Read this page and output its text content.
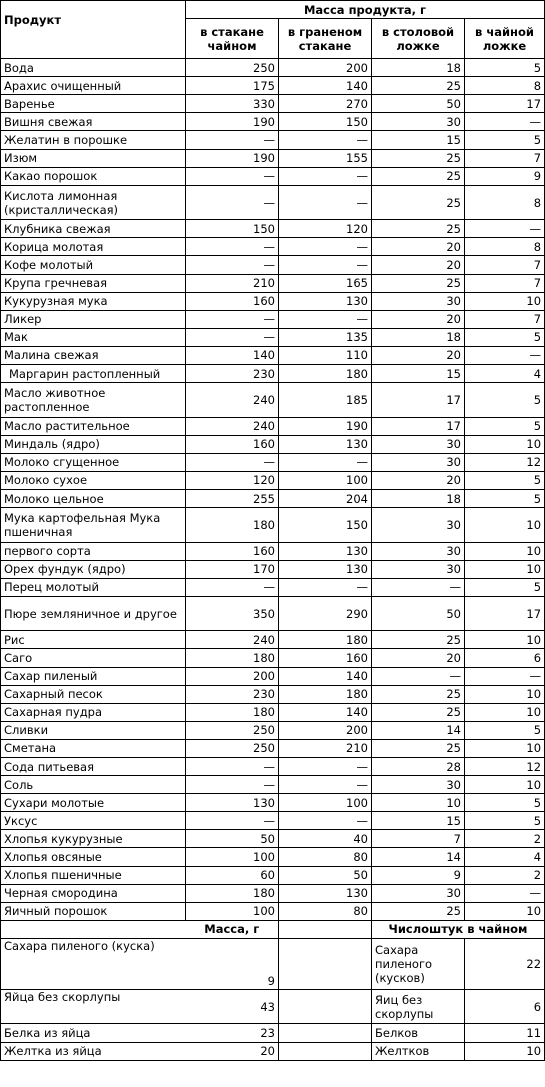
Продукт	Масса продукта, г			
	в стакане чайном	в граненом стакане	в столовой ложке	в чайной ложке
Вода	250	200	18	5
Арахис очищенный	175	140	25	8
Варенье	330	270	50	17
Вишня свежая	190	150	30	—
Желатин в порошке	—	—	15	5
Изюм	190	155	25	7
Какао порошок	—	—	25	9
Кислота лимонная (кристаллическая)	—	—	25	8
Клубника свежая	150	120	25	—
Корица молотая	—	—	20	8
Кофе молотый	—	—	20	7
Крупа гречневая	210	165	25	7
Кукурузная мука	160	130	30	10
Ликер	—	—	20	7
Мак	—	135	18	5
Малина свежая	140	110	20	—
Маргарин растопленный	230	180	15	4
Масло животное растопленное	240	185	17	5
Масло растительное	240	190	17	5
Миндаль (ядро)	160	130	30	10
Молоко сгущенное	—	—	30	12
Молоко сухое	120	100	20	5
Молоко цельное	255	204	18	5
Мука картофельная Мука пшеничная	180	150	30	10
первого сорта	160	130	30	10
Орех фундук (ядро)	170	130	30	10
Перец молотый	—	—	—	5
Пюре земляничное и другое	350	290	50	17
Рис	240	180	25	10
Саго	180	160	20	6
Сахар пиленый	200	140	—	—
Сахарный песок	230	180	25	10
Сахарная пудра	180	140	25	10
Сливки	250	200	14	5
Сметана	250	210	25	10
Сода питьевая	—	—	28	12
Соль	—	—	30	10
Сухари молотые	130	100	10	5
Уксус	—	—	15	5
Хлопья кукурузные	50	40	7	2
Хлопья овсяные	100	80	14	4
Хлопья пшеничные	60	50	9	2
Черная смородина	180	130	30	—
Яичный порошок	100	80	25	10
	Масса, г		Числоштук в чайном	
Сахара пиленого (куска)	9		Сахара пиленого (кусков)	22
Яйца без скорлупы	43		Яиц без скорлупы	6
Белка из яйца	23		Белков	11
Желтка из яйца	20		Желтков	10
